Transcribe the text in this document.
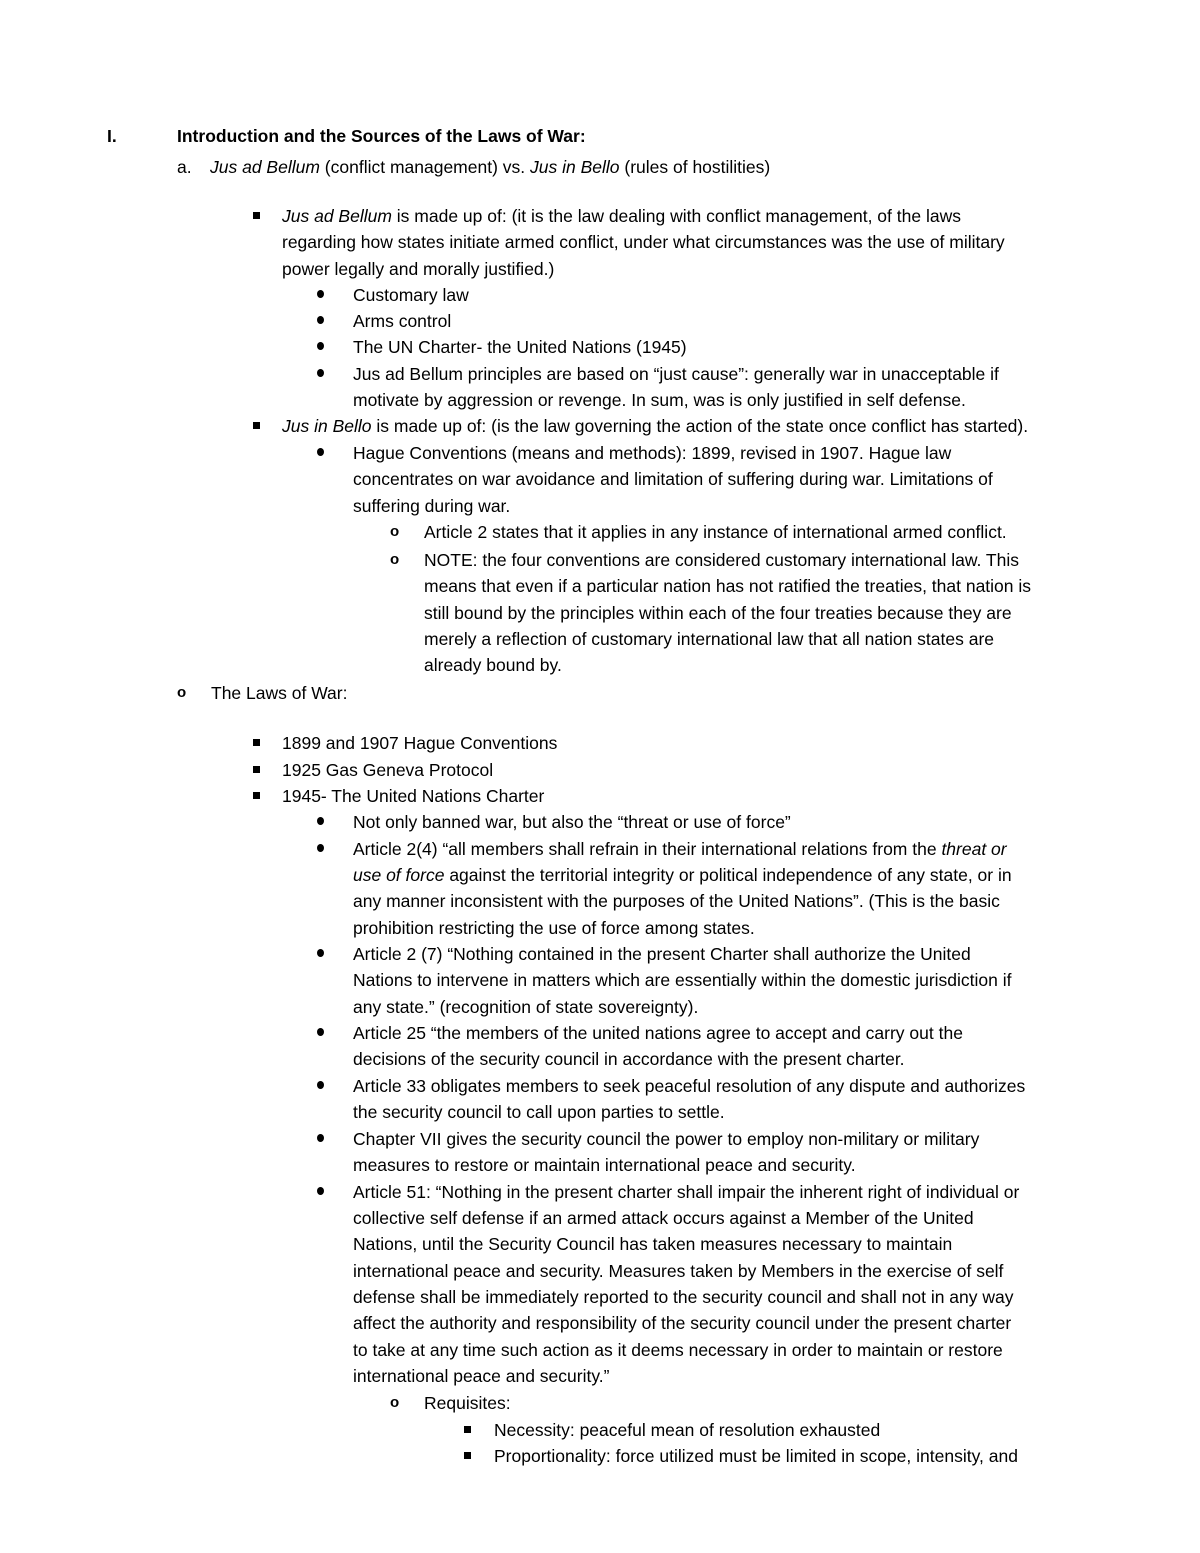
I.	Introduction and the Sources of the Laws of War:
a. Jus ad Bellum (conflict management) vs. Jus in Bello (rules of hostilities)
Jus ad Bellum is made up of: (it is the law dealing with conflict management, of the laws
regarding how states initiate armed conflict, under what circumstances was the use of military
power legally and morally justified.)
Customary law
Arms control
The UN Charter- the United Nations (1945)
Jus ad Bellum principles are based on “just cause”: generally war in unacceptable if
motivate by aggression or revenge. In sum, was is only justified in self defense.
Jus in Bello is made up of: (is the law governing the action of the state once conflict has started).
Hague Conventions (means and methods): 1899, revised in 1907. Hague law
concentrates on war avoidance and limitation of suffering during war. Limitations of
suffering during war.
o Article 2 states that it applies in any instance of international armed conflict.
o NOTE: the four conventions are considered customary international law. This
means that even if a particular nation has not ratified the treaties, that nation is
still bound by the principles within each of the four treaties because they are
merely a reflection of customary international law that all nation states are
already bound by.
o The Laws of War:
1899 and 1907 Hague Conventions
1925 Gas Geneva Protocol
1945- The United Nations Charter
Not only banned war, but also the “threat or use of force”
Article 2(4) “all members shall refrain in their international relations from the threat or
use of force against the territorial integrity or political independence of any state, or in
any manner inconsistent with the purposes of the United Nations”. (This is the basic
prohibition restricting the use of force among states.
Article 2 (7) “Nothing contained in the present Charter shall authorize the United
Nations to intervene in matters which are essentially within the domestic jurisdiction if
any state.” (recognition of state sovereignty).
Article 25 “the members of the united nations agree to accept and carry out the
decisions of the security council in accordance with the present charter.
Article 33 obligates members to seek peaceful resolution of any dispute and authorizes
the security council to call upon parties to settle.
Chapter VII gives the security council the power to employ non-military or military
measures to restore or maintain international peace and security.
Article 51: “Nothing in the present charter shall impair the inherent right of individual or
collective self defense if an armed attack occurs against a Member of the United
Nations, until the Security Council has taken measures necessary to maintain
international peace and security. Measures taken by Members in the exercise of self
defense shall be immediately reported to the security council and shall not in any way
affect the authority and responsibility of the security council under the present charter
to take at any time such action as it deems necessary in order to maintain or restore
international peace and security.”
o Requisites:
Necessity: peaceful mean of resolution exhausted
Proportionality: force utilized must be limited in scope, intensity, and
